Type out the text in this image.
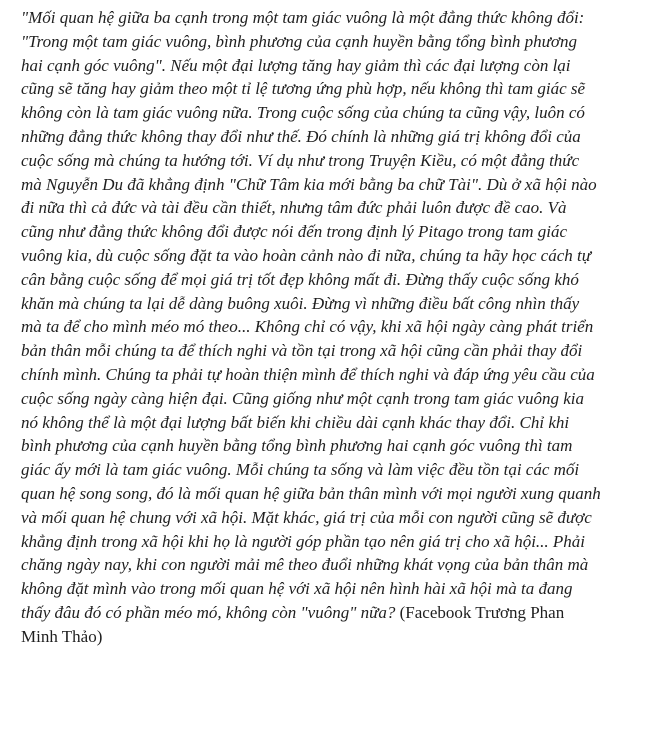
"Mối quan hệ giữa ba cạnh trong một tam giác vuông là một đẳng thức không đổi:
"Trong một tam giác vuông, bình phương của cạnh huyền bằng tổng bình phương
hai cạnh góc vuông". Nếu một đại lượng tăng hay giảm thì các đại lượng còn lại
cũng sẽ tăng hay giảm theo một tỉ lệ tương ứng phù hợp, nếu không thì tam giác sẽ
không còn là tam giác vuông nữa. Trong cuộc sống của chúng ta cũng vậy, luôn có
những đẳng thức không thay đổi như thế. Đó chính là những giá trị không đổi của
cuộc sống mà chúng ta hướng tới. Ví dụ như trong Truyện Kiều, có một đẳng thức
mà Nguyễn Du đã khẳng định "Chữ Tâm kia mới bằng ba chữ Tài". Dù ở xã hội nào
đi nữa thì cả đức và tài đều cần thiết, nhưng tâm đức phải luôn được đề cao. Và
cũng như đẳng thức không đổi được nói đến trong định lý Pitago trong tam giác
vuông kia, dù cuộc sống đặt ta vào hoàn cảnh nào đi nữa, chúng ta hãy học cách tự
cân bằng cuộc sống để mọi giá trị tốt đẹp không mất đi. Đừng thấy cuộc sống khó
khăn mà chúng ta lại dễ dàng buông xuôi. Đừng vì những điều bất công nhìn thấy
mà ta để cho mình méo mó theo... Không chỉ có vậy, khi xã hội ngày càng phát triển
bản thân mỗi chúng ta để thích nghi và tồn tại trong xã hội cũng cần phải thay đổi
chính mình. Chúng ta phải tự hoàn thiện mình để thích nghi và đáp ứng yêu cầu của
cuộc sống ngày càng hiện đại. Cũng giống như một cạnh trong tam giác vuông kia
nó không thể là một đại lượng bất biến khi chiều dài cạnh khác thay đổi. Chỉ khi
bình phương của cạnh huyền bằng tổng bình phương hai cạnh góc vuông thì tam
giác ấy mới là tam giác vuông. Mỗi chúng ta sống và làm việc đều tồn tại các mối
quan hệ song song, đó là mối quan hệ giữa bản thân mình với mọi người xung quanh
và mối quan hệ chung với xã hội. Mặt khác, giá trị của mỗi con người cũng sẽ được
khẳng định trong xã hội khi họ là người góp phần tạo nên giá trị cho xã hội... Phải
chăng ngày nay, khi con người mải mê theo đuổi những khát vọng của bản thân mà
không đặt mình vào trong mối quan hệ với xã hội nên hình hài xã hội mà ta đang
thấy đâu đó có phần méo mó, không còn "vuông" nữa? (Facebook Trương Phan
Minh Thảo)
